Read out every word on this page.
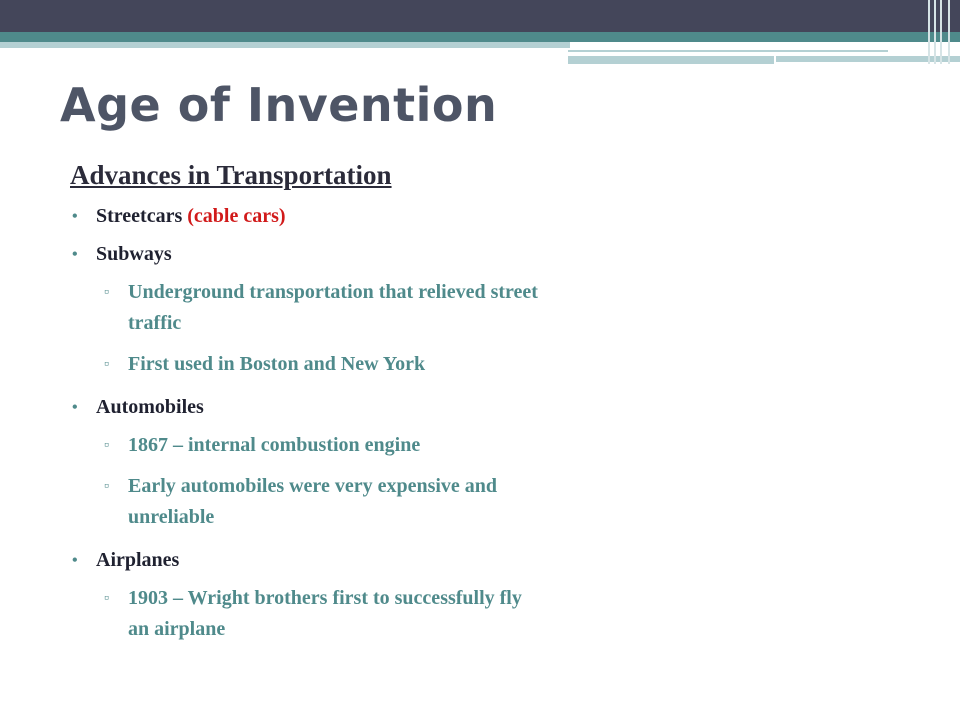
Age of Invention
Advances in Transportation
• Streetcars (cable cars)
• Subways
▫ Underground transportation that relieved street traffic
▫ First used in Boston and New York
• Automobiles
▫ 1867 – internal combustion engine
▫ Early automobiles were very expensive and unreliable
• Airplanes
▫ 1903 – Wright brothers first to successfully fly an airplane
